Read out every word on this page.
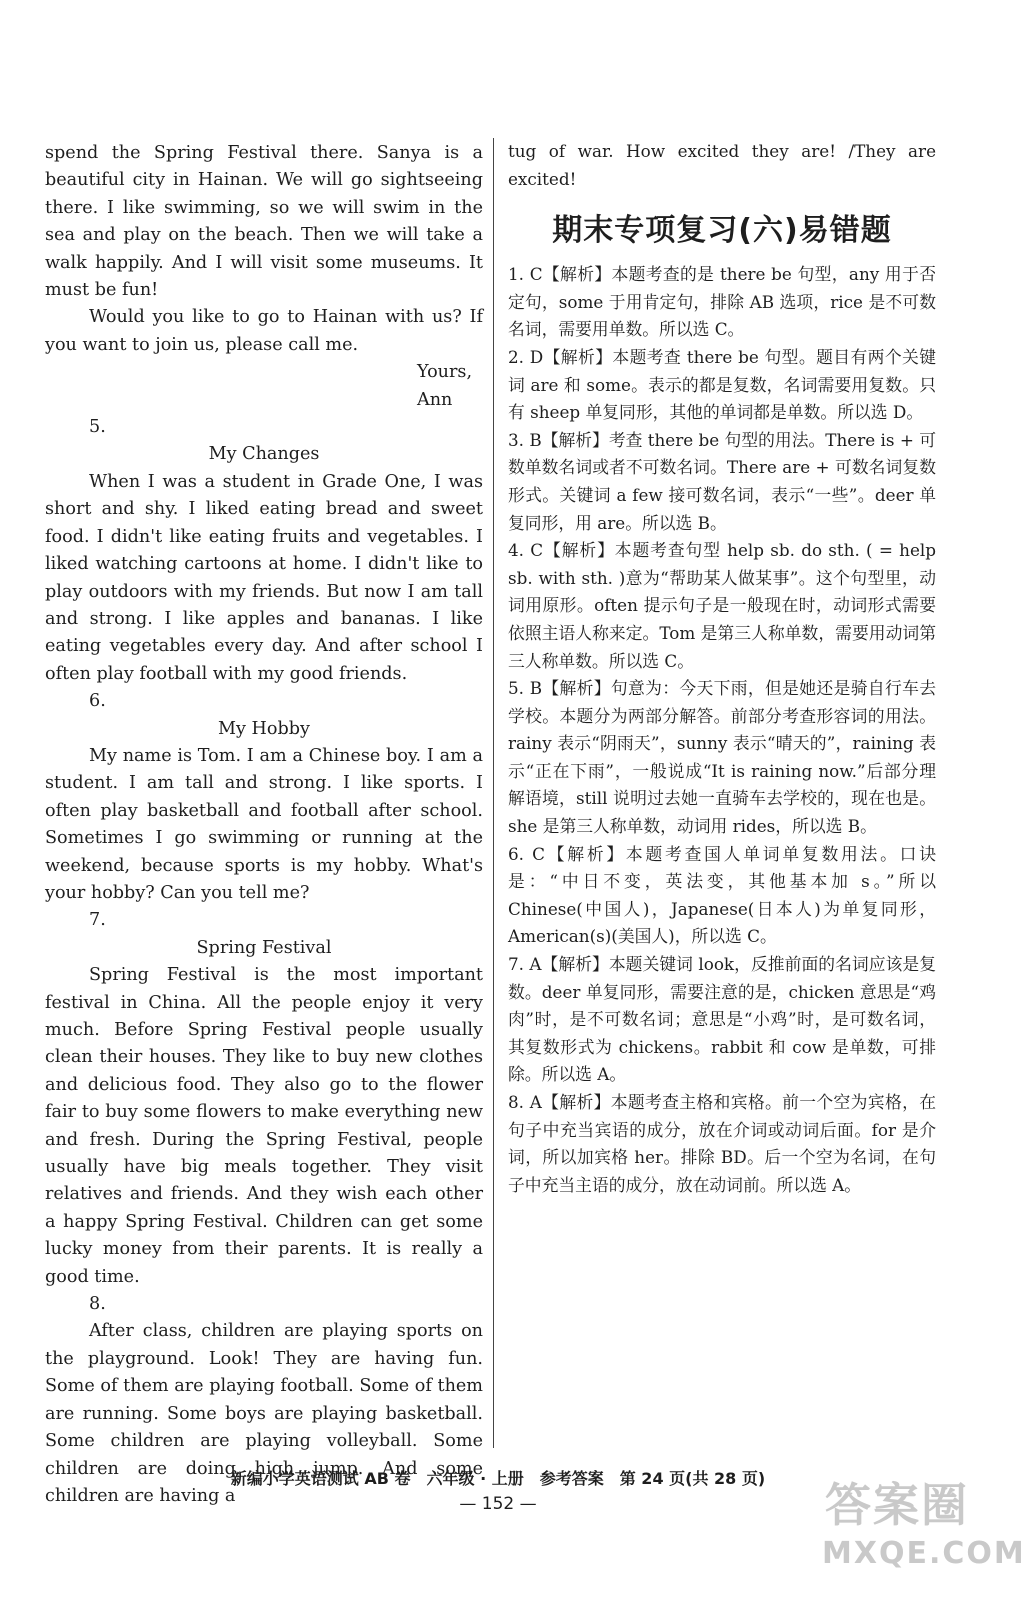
spend the Spring Festival there. Sanya is a beautiful city in Hainan. We will go sightseeing there. I like swimming, so we will swim in the sea and play on the beach. Then we will take a walk happily. And I will visit some museums. It must be fun!

Would you like to go to Hainan with us? If you want to join us, please call me.

Yours,

Ann

5.

My Changes

When I was a student in Grade One, I was short and shy. I liked eating bread and sweet food. I didn't like eating fruits and vegetables. I liked watching cartoons at home. I didn't like to play outdoors with my friends. But now I am tall and strong. I like apples and bananas. I like eating vegetables every day. And after school I often play football with my good friends.

6.

My Hobby

My name is Tom. I am a Chinese boy. I am a student. I am tall and strong. I like sports. I often play basketball and football after school. Sometimes I go swimming or running at the weekend, because sports is my hobby. What's your hobby? Can you tell me?

7.

Spring Festival

Spring Festival is the most important festival in China. All the people enjoy it very much. Before Spring Festival people usually clean their houses. They like to buy new clothes and delicious food. They also go to the flower fair to buy some flowers to make everything new and fresh. During the Spring Festival, people usually have big meals together. They visit relatives and friends. And they wish each other a happy Spring Festival. Children can get some lucky money from their parents. It is really a good time.

8.

After class, children are playing sports on the playground. Look! They are having fun. Some of them are playing football. Some of them are running. Some boys are playing basketball. Some children are playing volleyball. Some children are doing high jump. And some children are having a

tug of war. How excited they are! /They are excited!

期末专项复习(六)易错题

1. C【解析】本题考查的是 there be 句型，any 用于否定句，some 于用肯定句，排除 AB 选项，rice 是不可数名词，需要用单数。所以选 C。

2. D【解析】本题考查 there be 句型。题目有两个关键词 are 和 some。表示的都是复数，名词需要用复数。只有 sheep 单复同形，其他的单词都是单数。所以选 D。

3. B【解析】考查 there be 句型的用法。There is + 可数单数名词或者不可数名词。There are + 可数名词复数形式。关键词 a few 接可数名词，表示“一些”。deer 单复同形，用 are。所以选 B。

4. C【解析】本题考查句型 help sb. do sth. ( = help sb. with sth. )意为“帮助某人做某事”。这个句型里，动词用原形。often 提示句子是一般现在时，动词形式需要依照主语人称来定。Tom 是第三人称单数，需要用动词第三人称单数。所以选 C。

5. B【解析】句意为：今天下雨，但是她还是骑自行车去学校。本题分为两部分解答。前部分考查形容词的用法。rainy 表示“阴雨天”，sunny 表示“晴天的”，raining 表示“正在下雨”，一般说成“It is raining now.”后部分理解语境，still 说明过去她一直骑车去学校的，现在也是。she 是第三人称单数，动词用 rides，所以选 B。

6. C【解析】本题考查国人单词单复数用法。口诀是：“中日不变，英法变，其他基本加 s。”所以 Chinese(中国人)，Japanese(日本人)为单复同形，American(s)(美国人)，所以选 C。

7. A【解析】本题关键词 look，反推前面的名词应该是复数。deer 单复同形，需要注意的是，chicken 意思是“鸡肉”时，是不可数名词；意思是“小鸡”时，是可数名词，其复数形式为 chickens。rabbit 和 cow 是单数，可排除。所以选 A。

8. A【解析】本题考查主格和宾格。前一个空为宾格，在句子中充当宾语的成分，放在介词或动词后面。for 是介词，所以加宾格 her。排除 BD。后一个空为名词，在句子中充当主语的成分，放在动词前。所以选 A。

新编小学英语测试 AB 卷　六年级 · 上册　参考答案　第 24 页(共 28 页)
— 152 —	答案圈
MXQE.COM
